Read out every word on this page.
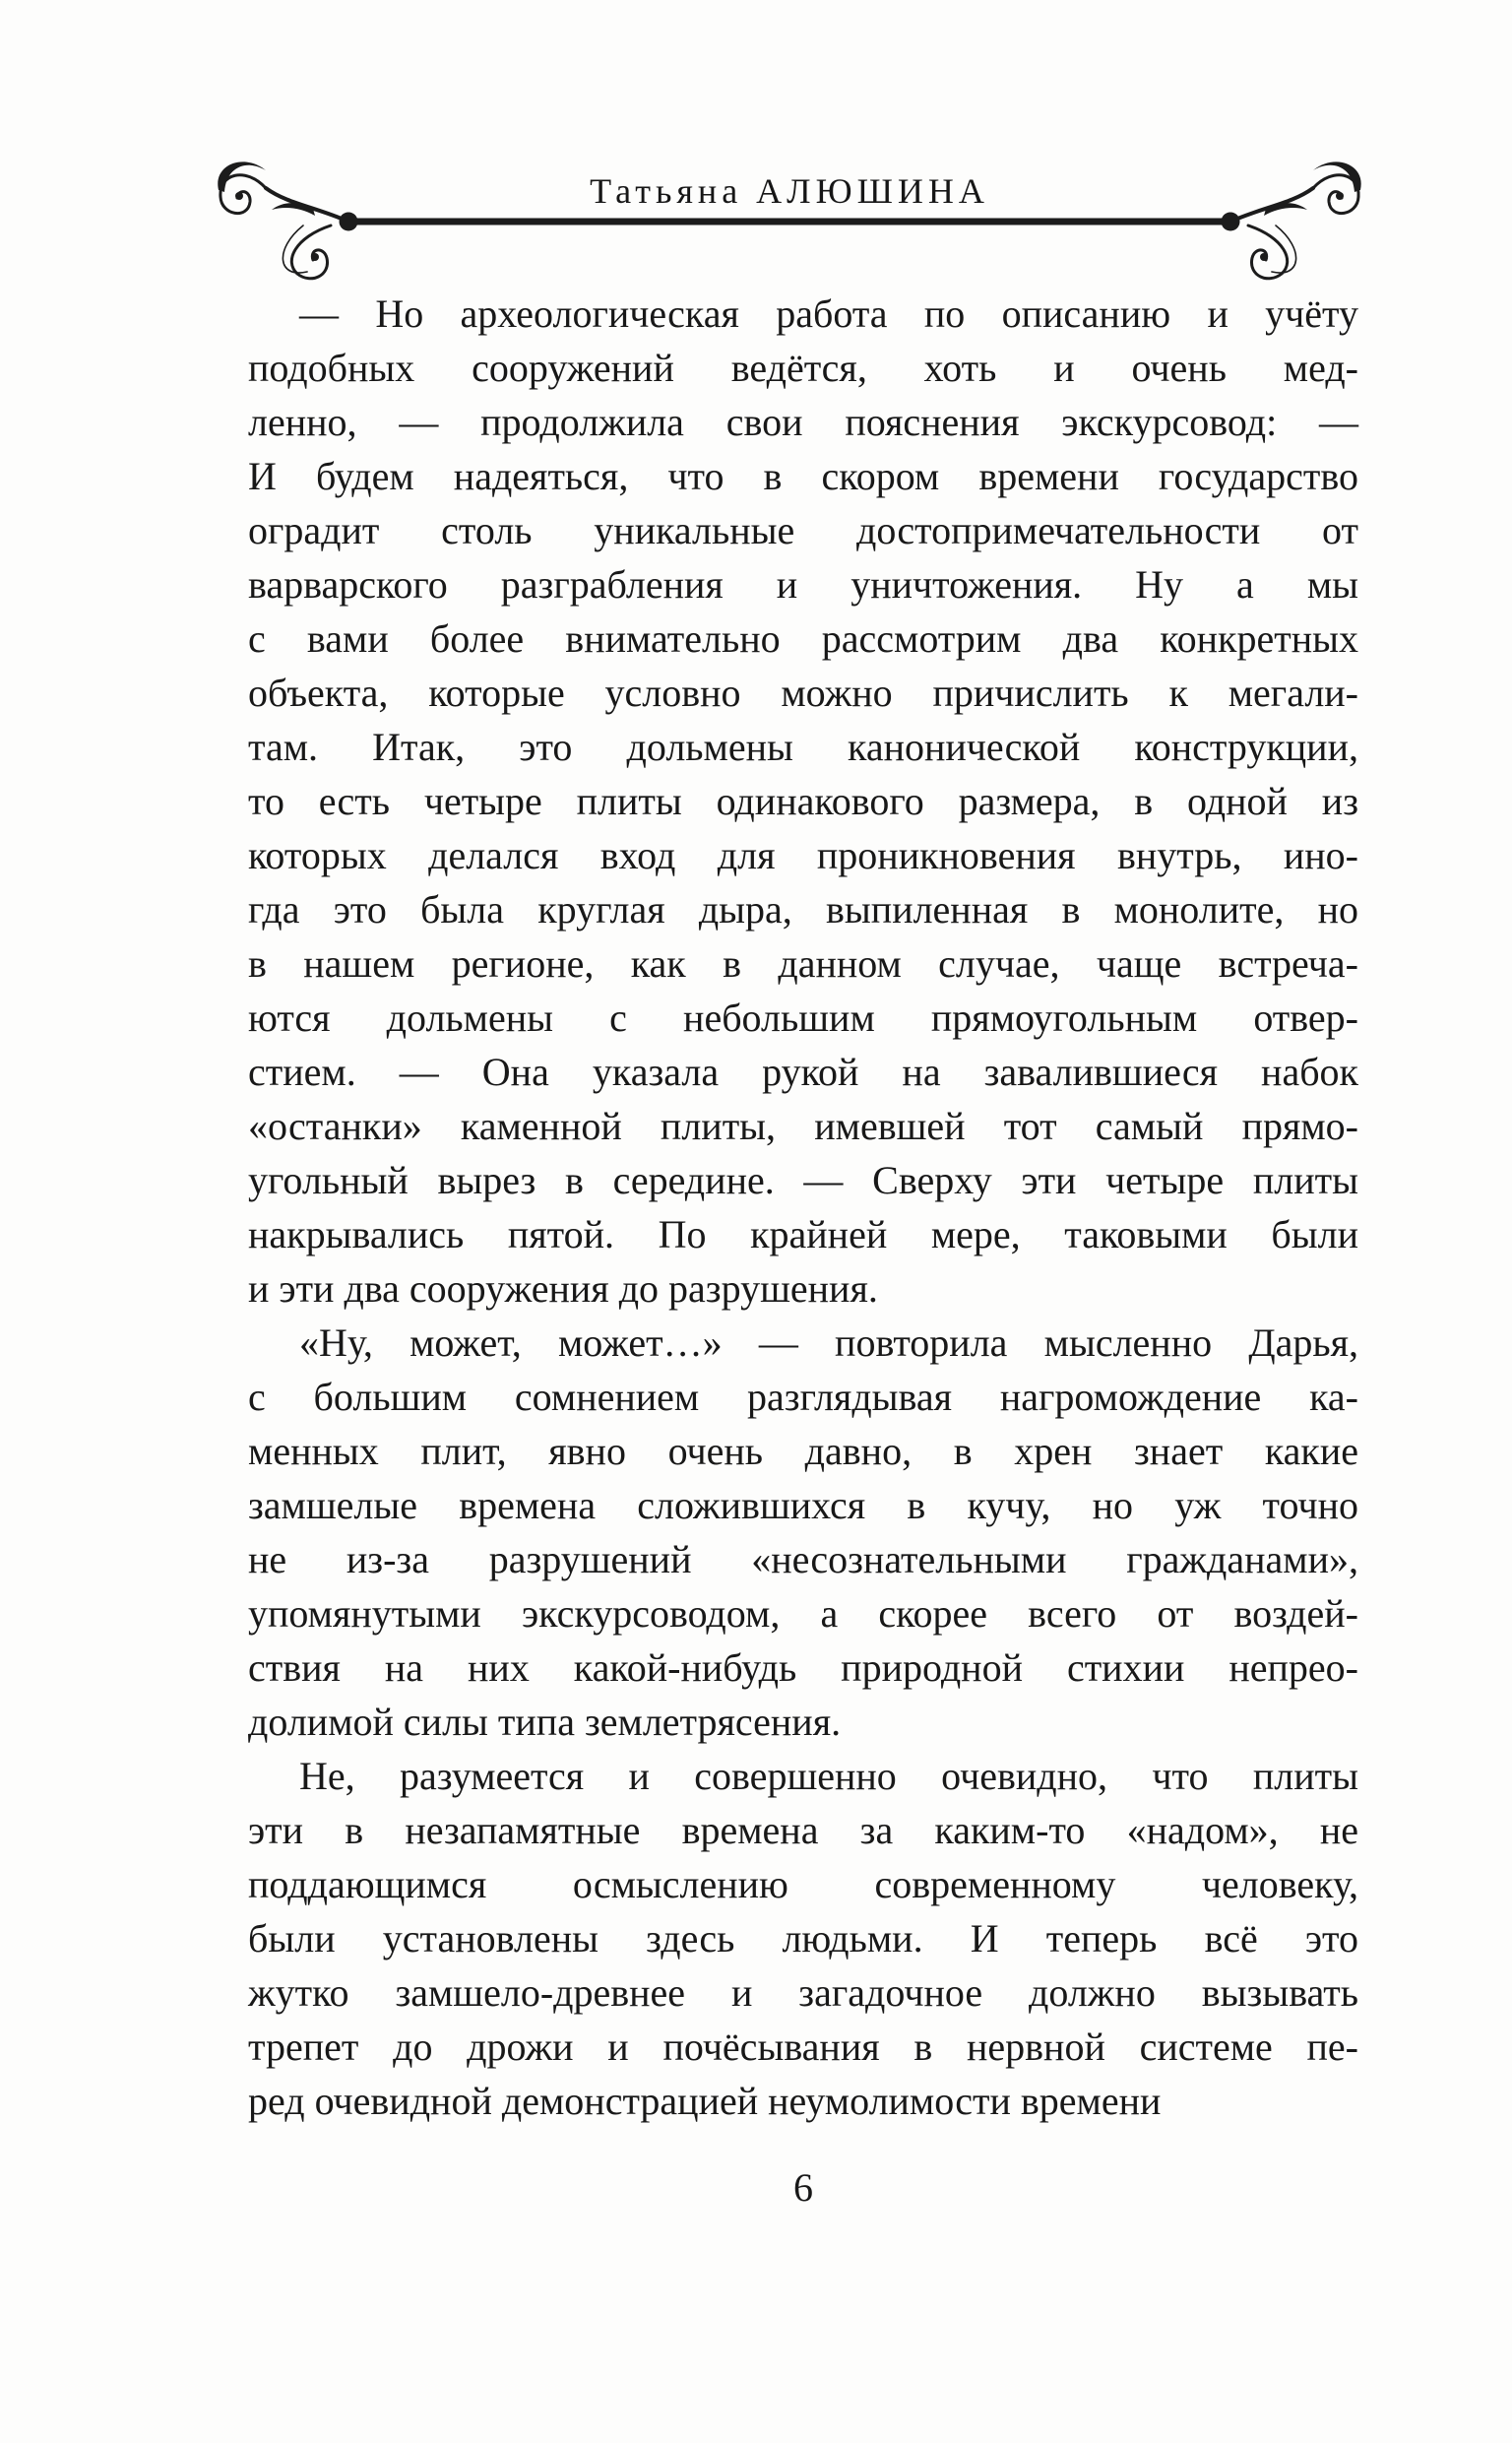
Татьяна АЛЮШИНА
— Но археологическая работа по описанию и учёту
подобных сооружений ведётся, хоть и очень мед-
ленно, — продолжила свои пояснения экскурсовод: —
И будем надеяться, что в скором времени государство
оградит столь уникальные достопримечательности от
варварского разграбления и уничтожения. Ну а мы
с вами более внимательно рассмотрим два конкретных
объекта, которые условно можно причислить к мегали-
там. Итак, это дольмены канонической конструкции,
то есть четыре плиты одинакового размера, в одной из
которых делался вход для проникновения внутрь, ино-
гда это была круглая дыра, выпиленная в монолите, но
в нашем регионе, как в данном случае, чаще встреча-
ются дольмены с небольшим прямоугольным отвер-
стием. — Она указала рукой на завалившиеся набок
«останки» каменной плиты, имевшей тот самый прямо-
угольный вырез в середине. — Сверху эти четыре плиты
накрывались пятой. По крайней мере, таковыми были
и эти два сооружения до разрушения.
«Ну, может, может…» — повторила мысленно Дарья,
с большим сомнением разглядывая нагромождение ка-
менных плит, явно очень давно, в хрен знает какие
замшелые времена сложившихся в кучу, но уж точно
не из-за разрушений «несознательными гражданами»,
упомянутыми экскурсоводом, а скорее всего от воздей-
ствия на них какой-нибудь природной стихии непрео-
долимой силы типа землетрясения.
Не, разумеется и совершенно очевидно, что плиты
эти в незапамятные времена за каким-то «надом», не
поддающимся осмыслению современному человеку,
были установлены здесь людьми. И теперь всё это
жутко замшело-древнее и загадочное должно вызывать
трепет до дрожи и почёсывания в нервной системе пе-
ред очевидной демонстрацией неумолимости времени
6
